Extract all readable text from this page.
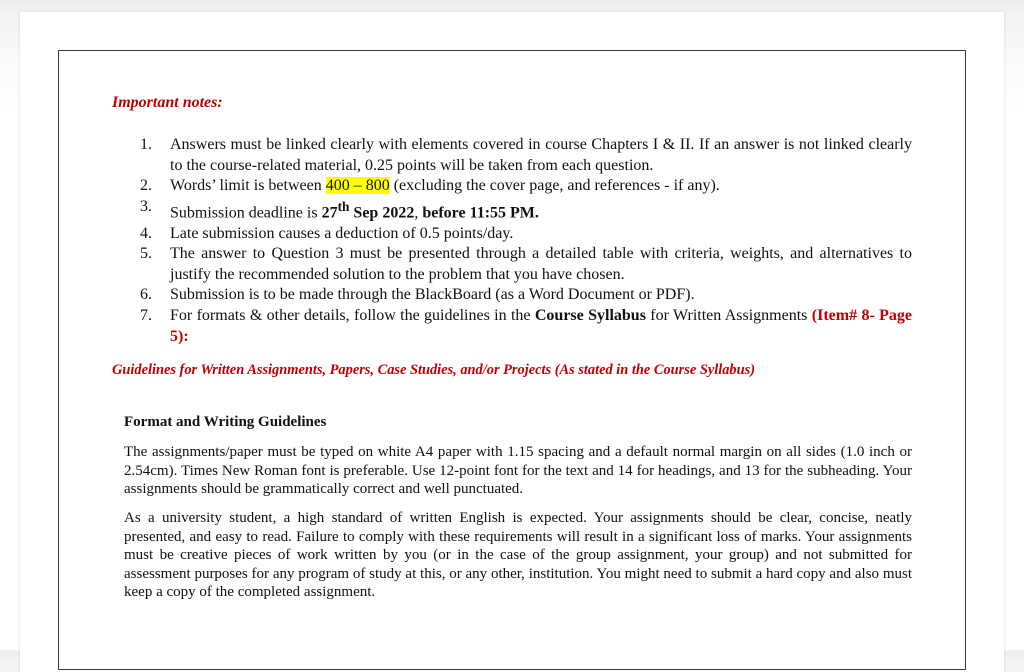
Important notes:
1. Answers must be linked clearly with elements covered in course Chapters I & II. If an answer is not linked clearly to the course-related material, 0.25 points will be taken from each question.
2. Words’ limit is between 400 – 800 (excluding the cover page, and references - if any).
3. Submission deadline is 27th Sep 2022, before 11:55 PM.
4. Late submission causes a deduction of 0.5 points/day.
5. The answer to Question 3 must be presented through a detailed table with criteria, weights, and alternatives to justify the recommended solution to the problem that you have chosen.
6. Submission is to be made through the BlackBoard (as a Word Document or PDF).
7. For formats & other details, follow the guidelines in the Course Syllabus for Written Assignments (Item# 8- Page 5):
Guidelines for Written Assignments, Papers, Case Studies, and/or Projects (As stated in the Course Syllabus)
Format and Writing Guidelines

The assignments/paper must be typed on white A4 paper with 1.15 spacing and a default normal margin on all sides (1.0 inch or 2.54cm). Times New Roman font is preferable. Use 12-point font for the text and 14 for headings, and 13 for the subheading. Your assignments should be grammatically correct and well punctuated.

As a university student, a high standard of written English is expected. Your assignments should be clear, concise, neatly presented, and easy to read. Failure to comply with these requirements will result in a significant loss of marks. Your assignments must be creative pieces of work written by you (or in the case of the group assignment, your group) and not submitted for assessment purposes for any program of study at this, or any other, institution. You might need to submit a hard copy and also must keep a copy of the completed assignment.
